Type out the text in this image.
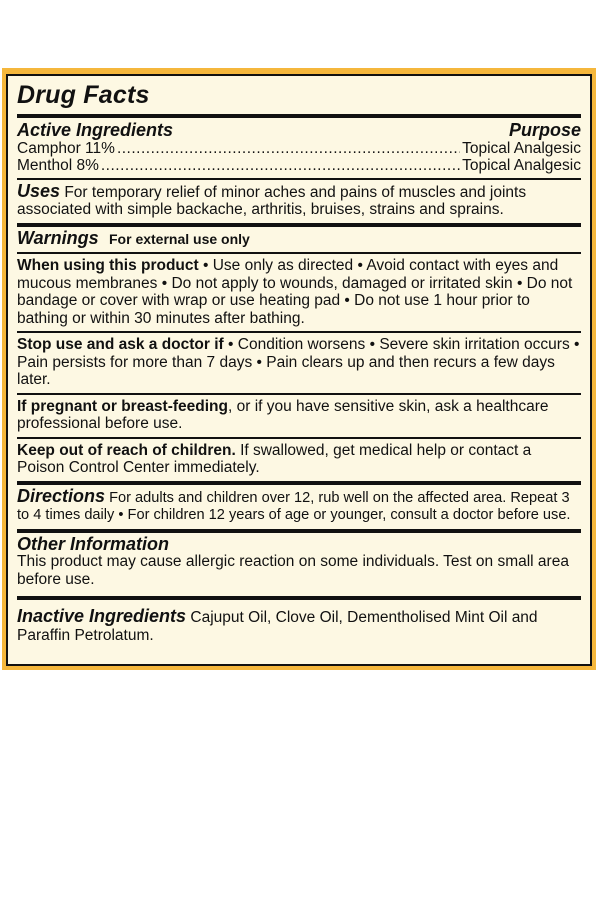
Drug Facts
Active Ingredients	Purpose
Camphor 11% .....	Topical Analgesic
Menthol 8% .....	Topical Analgesic
Uses For temporary relief of minor aches and pains of muscles and joints associated with simple backache, arthritis, bruises, strains and sprains.
Warnings For external use only
When using this product • Use only as directed • Avoid contact with eyes and mucous membranes • Do not apply to wounds, damaged or irritated skin • Do not bandage or cover with wrap or use heating pad • Do not use 1 hour prior to bathing or within 30 minutes after bathing.
Stop use and ask a doctor if • Condition worsens • Severe skin irritation occurs • Pain persists for more than 7 days • Pain clears up and then recurs a few days later.
If pregnant or breast-feeding, or if you have sensitive skin, ask a healthcare professional before use.
Keep out of reach of children. If swallowed, get medical help or contact a Poison Control Center immediately.
Directions For adults and children over 12, rub well on the affected area. Repeat 3 to 4 times daily • For children 12 years of age or younger, consult a doctor before use.
Other Information
This product may cause allergic reaction on some individuals. Test on small area before use.
Inactive Ingredients Cajuput Oil, Clove Oil, Dementholised Mint Oil and Paraffin Petrolatum.
